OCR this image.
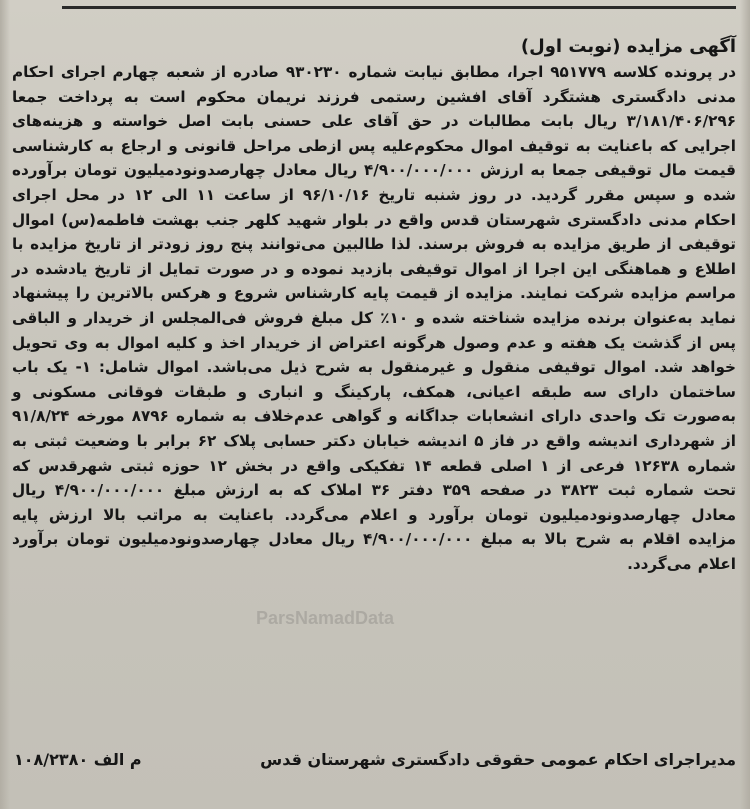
آگهی مزایده (نوبت اول)

در پرونده کلاسه ۹۵۱۷۷۹ اجرا، مطابق نیابت شماره ۹۳۰۲۳۰ صادره از شعبه چهارم اجرای احکام مدنی دادگستری هشتگرد آقای افشین رستمی فرزند نریمان محکوم است به پرداخت جمعا ۳/۱۸۱/۴۰۶/۲۹۶ ریال بابت مطالبات در حق آقای علی حسنی بابت اصل خواسته و هزینه‌های اجرایی که باعنایت به توقیف اموال محکوم‌علیه پس ازطی مراحل قانونی و ارجاع به کارشناسی قیمت مال توقیفی جمعا به ارزش ۴/۹۰۰/۰۰۰/۰۰۰ ریال معادل چهارصدونودمیلیون تومان برآورده شده و سپس مقرر گردید. در روز شنبه تاریخ ۹۶/۱۰/۱۶ از ساعت ۱۱ الی ۱۲ در محل اجرای احکام مدنی دادگستری شهرستان قدس واقع در بلوار شهید کلهر جنب بهشت فاطمه(س) اموال توقیفی از طریق مزایده به فروش برسند. لذا طالبین می‌توانند پنج روز زودتر از تاریخ مزایده با اطلاع و هماهنگی این اجرا از اموال توقیفی بازدید نموده و در صورت تمایل از تاریخ یادشده در مراسم مزایده شرکت نمایند. مزایده از قیمت پایه کارشناس شروع و هرکس بالاترین را پیشنهاد نماید به‌عنوان برنده مزایده شناخته شده و ۱۰٪ کل مبلغ فروش فی‌المجلس از خریدار و الباقی پس از گذشت یک هفته و عدم وصول هرگونه اعتراض از خریدار اخذ و کلیه اموال به وی تحویل خواهد شد. اموال توقیفی منقول و غیرمنقول به شرح ذیل می‌باشد. اموال شامل: ۱- یک باب ساختمان دارای سه طبقه اعیانی، همکف، پارکینگ و انباری و طبقات فوقانی مسکونی و به‌صورت تک واحدی دارای انشعابات جداگانه و گواهی عدم‌خلاف به شماره ۸۷۹۶ مورخه ۹۱/۸/۲۴ از شهرداری اندیشه واقع در فاز ۵ اندیشه خیابان دکتر حسابی پلاک ۶۲ برابر با وضعیت ثبتی به شماره ۱۲۶۳۸ فرعی از ۱ اصلی قطعه ۱۴ تفکیکی واقع در بخش ۱۲ حوزه ثبتی شهرقدس که تحت شماره ثبت ۳۸۲۳ در صفحه ۳۵۹ دفتر ۳۶ املاک که به ارزش مبلغ ۴/۹۰۰/۰۰۰/۰۰۰ ریال معادل چهارصدونودمیلیون تومان برآورد و اعلام می‌گردد. باعنایت به مراتب بالا ارزش پایه مزایده اقلام به شرح بالا به مبلغ ۴/۹۰۰/۰۰۰/۰۰۰ ریال معادل چهارصدونودمیلیون تومان برآورد اعلام می‌گردد.

ParsNamadData
مدیراجرای احکام عمومی حقوقی دادگستری شهرستان قدس
م الف ۱۰۸/۲۳۸۰
